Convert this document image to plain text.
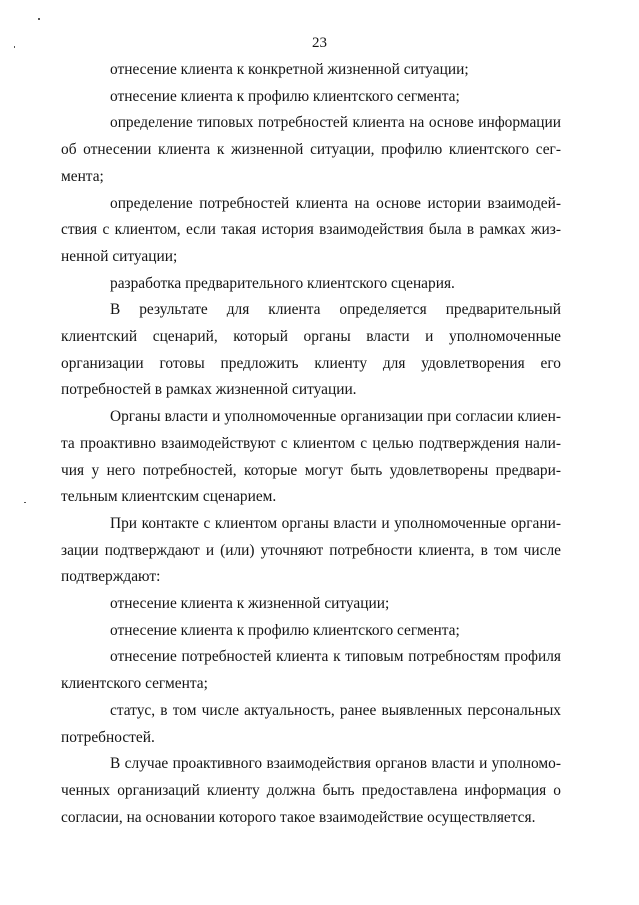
23

отнесение клиента к конкретной жизненной ситуации;

отнесение клиента к профилю клиентского сегмента;

определение типовых потребностей клиента на основе информации об отнесении клиента к жизненной ситуации, профилю клиентского сегмента;

определение потребностей клиента на основе истории взаимодействия с клиентом, если такая история взаимодействия была в рамках жизненной ситуации;

разработка предварительного клиентского сценария.

В результате для клиента определяется предварительный клиентский сценарий, который органы власти и уполномоченные организации готовы предложить клиенту для удовлетворения его потребностей в рамках жизненной ситуации.

Органы власти и уполномоченные организации при согласии клиента проактивно взаимодействуют с клиентом с целью подтверждения наличия у него потребностей, которые могут быть удовлетворены предварительным клиентским сценарием.

При контакте с клиентом органы власти и уполномоченные организации подтверждают и (или) уточняют потребности клиента, в том числе подтверждают:

отнесение клиента к жизненной ситуации;

отнесение клиента к профилю клиентского сегмента;

отнесение потребностей клиента к типовым потребностям профиля клиентского сегмента;

статус, в том числе актуальность, ранее выявленных персональных потребностей.

В случае проактивного взаимодействия органов власти и уполномоченных организаций клиенту должна быть предоставлена информация о согласии, на основании которого такое взаимодействие осуществляется.
